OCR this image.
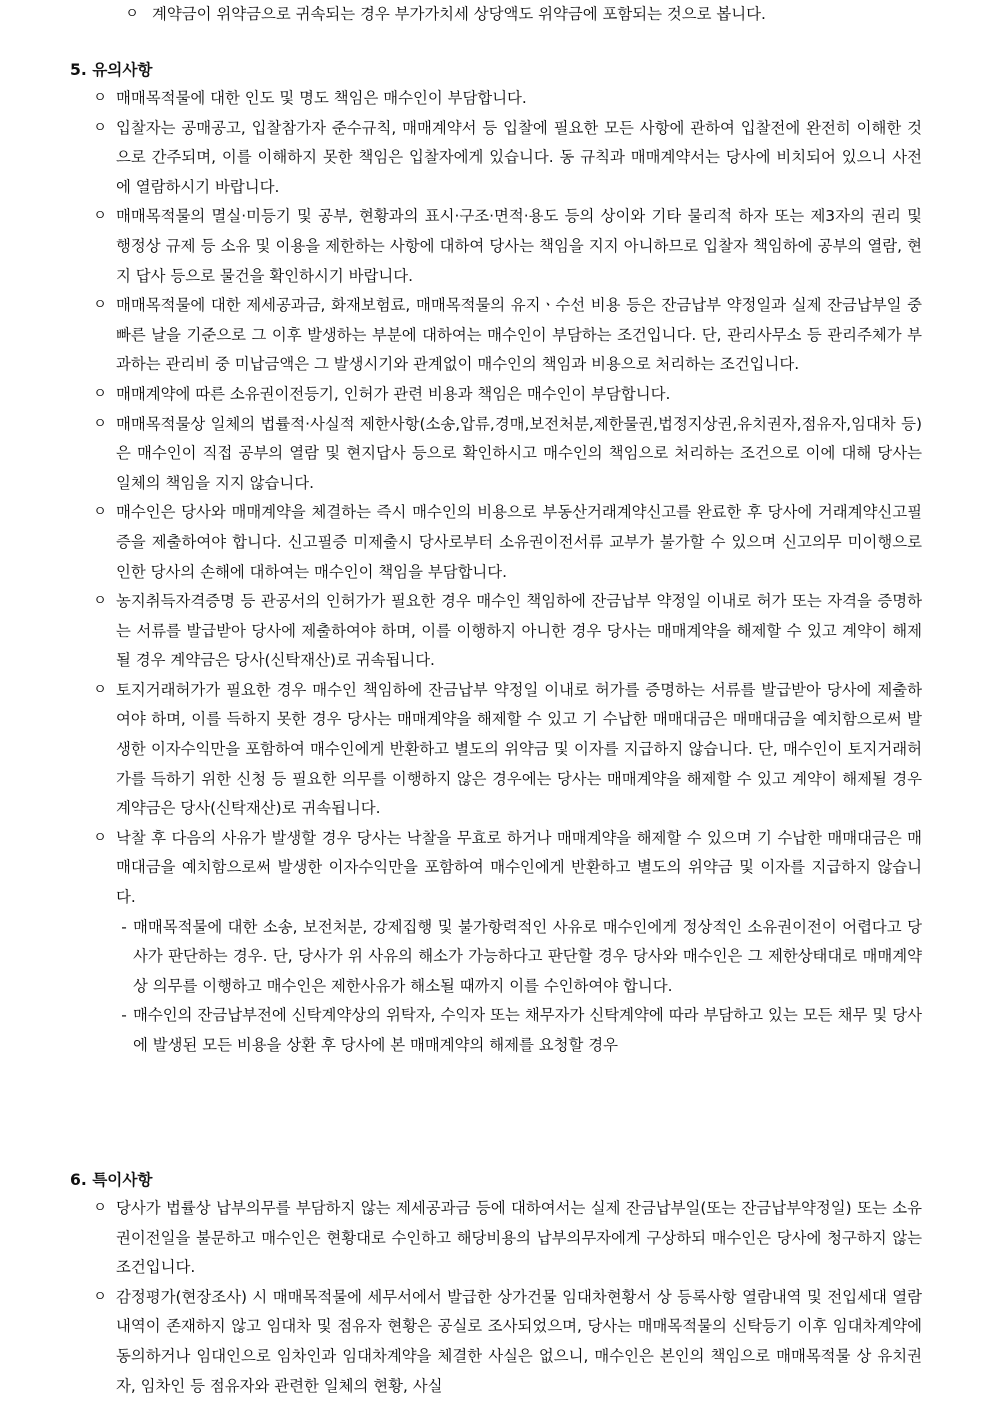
ㅇ 계약금이 위약금으로 귀속되는 경우 부가가치세 상당액도 위약금에 포함되는 것으로 봅니다.
5. 유의사항
ㅇ 매매목적물에 대한 인도 및 명도 책임은 매수인이 부담합니다.
ㅇ 입찰자는 공매공고, 입찰참가자 준수규칙, 매매계약서 등 입찰에 필요한 모든 사항에 관하여 입찰전에 완전히 이해한 것으로 간주되며, 이를 이해하지 못한 책임은 입찰자에게 있습니다. 동 규칙과 매매계약서는 당사에 비치되어 있으니 사전에 열람하시기 바랍니다.
ㅇ 매매목적물의 멸실·미등기 및 공부, 현황과의 표시·구조·면적·용도 등의 상이와 기타 물리적 하자 또는 제3자의 권리 및 행정상 규제 등 소유 및 이용을 제한하는 사항에 대하여 당사는 책임을 지지 아니하므로 입찰자 책임하에 공부의 열람, 현지 답사 등으로 물건을 확인하시기 바랍니다.
ㅇ 매매목적물에 대한 제세공과금, 화재보험료, 매매목적물의 유지ㆍ수선 비용 등은 잔금납부 약정일과 실제 잔금납부일 중 빠른 날을 기준으로 그 이후 발생하는 부분에 대하여는 매수인이 부담하는 조건입니다. 단, 관리사무소 등 관리주체가 부과하는 관리비 중 미납금액은 그 발생시기와 관계없이 매수인의 책임과 비용으로 처리하는 조건입니다.
ㅇ 매매계약에 따른 소유권이전등기, 인허가 관련 비용과 책임은 매수인이 부담합니다.
ㅇ 매매목적물상 일체의 법률적·사실적 제한사항(소송,압류,경매,보전처분,제한물권,법정지상권,유치권자,점유자,임대차 등)은 매수인이 직접 공부의 열람 및 현지답사 등으로 확인하시고 매수인의 책임으로 처리하는 조건으로 이에 대해 당사는 일체의 책임을 지지 않습니다.
ㅇ 매수인은 당사와 매매계약을 체결하는 즉시 매수인의 비용으로 부동산거래계약신고를 완료한 후 당사에 거래계약신고필증을 제출하여야 합니다. 신고필증 미제출시 당사로부터 소유권이전서류 교부가 불가할 수 있으며 신고의무 미이행으로 인한 당사의 손해에 대하여는 매수인이 책임을 부담합니다.
ㅇ 농지취득자격증명 등 관공서의 인허가가 필요한 경우 매수인 책임하에 잔금납부 약정일 이내로 허가 또는 자격을 증명하는 서류를 발급받아 당사에 제출하여야 하며, 이를 이행하지 아니한 경우 당사는 매매계약을 해제할 수 있고 계약이 해제될 경우 계약금은 당사(신탁재산)로 귀속됩니다.
ㅇ 토지거래허가가 필요한 경우 매수인 책임하에 잔금납부 약정일 이내로 허가를 증명하는 서류를 발급받아 당사에 제출하여야 하며, 이를 득하지 못한 경우 당사는 매매계약을 해제할 수 있고 기 수납한 매매대금은 매매대금을 예치함으로써 발생한 이자수익만을 포함하여 매수인에게 반환하고 별도의 위약금 및 이자를 지급하지 않습니다. 단, 매수인이 토지거래허가를 득하기 위한 신청 등 필요한 의무를 이행하지 않은 경우에는 당사는 매매계약을 해제할 수 있고 계약이 해제될 경우 계약금은 당사(신탁재산)로 귀속됩니다.
ㅇ 낙찰 후 다음의 사유가 발생할 경우 당사는 낙찰을 무효로 하거나 매매계약을 해제할 수 있으며 기 수납한 매매대금은 매매대금을 예치함으로써 발생한 이자수익만을 포함하여 매수인에게 반환하고 별도의 위약금 및 이자를 지급하지 않습니다.
- 매매목적물에 대한 소송, 보전처분, 강제집행 및 불가항력적인 사유로 매수인에게 정상적인 소유권이전이 어렵다고 당사가 판단하는 경우. 단, 당사가 위 사유의 해소가 가능하다고 판단할 경우 당사와 매수인은 그 제한상태대로 매매계약상 의무를 이행하고 매수인은 제한사유가 해소될 때까지 이를 수인하여야 합니다.
- 매수인의 잔금납부전에 신탁계약상의 위탁자, 수익자 또는 채무자가 신탁계약에 따라 부담하고 있는 모든 채무 및 당사에 발생된 모든 비용을 상환 후 당사에 본 매매계약의 해제를 요청할 경우
6. 특이사항
ㅇ 당사가 법률상 납부의무를 부담하지 않는 제세공과금 등에 대하여서는 실제 잔금납부일(또는 잔금납부약정일) 또는 소유권이전일을 불문하고 매수인은 현황대로 수인하고 해당비용의 납부의무자에게 구상하되 매수인은 당사에 청구하지 않는 조건입니다.
ㅇ 감정평가(현장조사) 시 매매목적물에 세무서에서 발급한 상가건물 임대차현황서 상 등록사항 열람내역 및 전입세대 열람내역이 존재하지 않고 임대차 및 점유자 현황은 공실로 조사되었으며, 당사는 매매목적물의 신탁등기 이후 임대차계약에 동의하거나 임대인으로 임차인과 임대차계약을 체결한 사실은 없으니, 매수인은 본인의 책임으로 매매목적물 상 유치권자, 임차인 등 점유자와 관련한 일체의 현황, 사실
